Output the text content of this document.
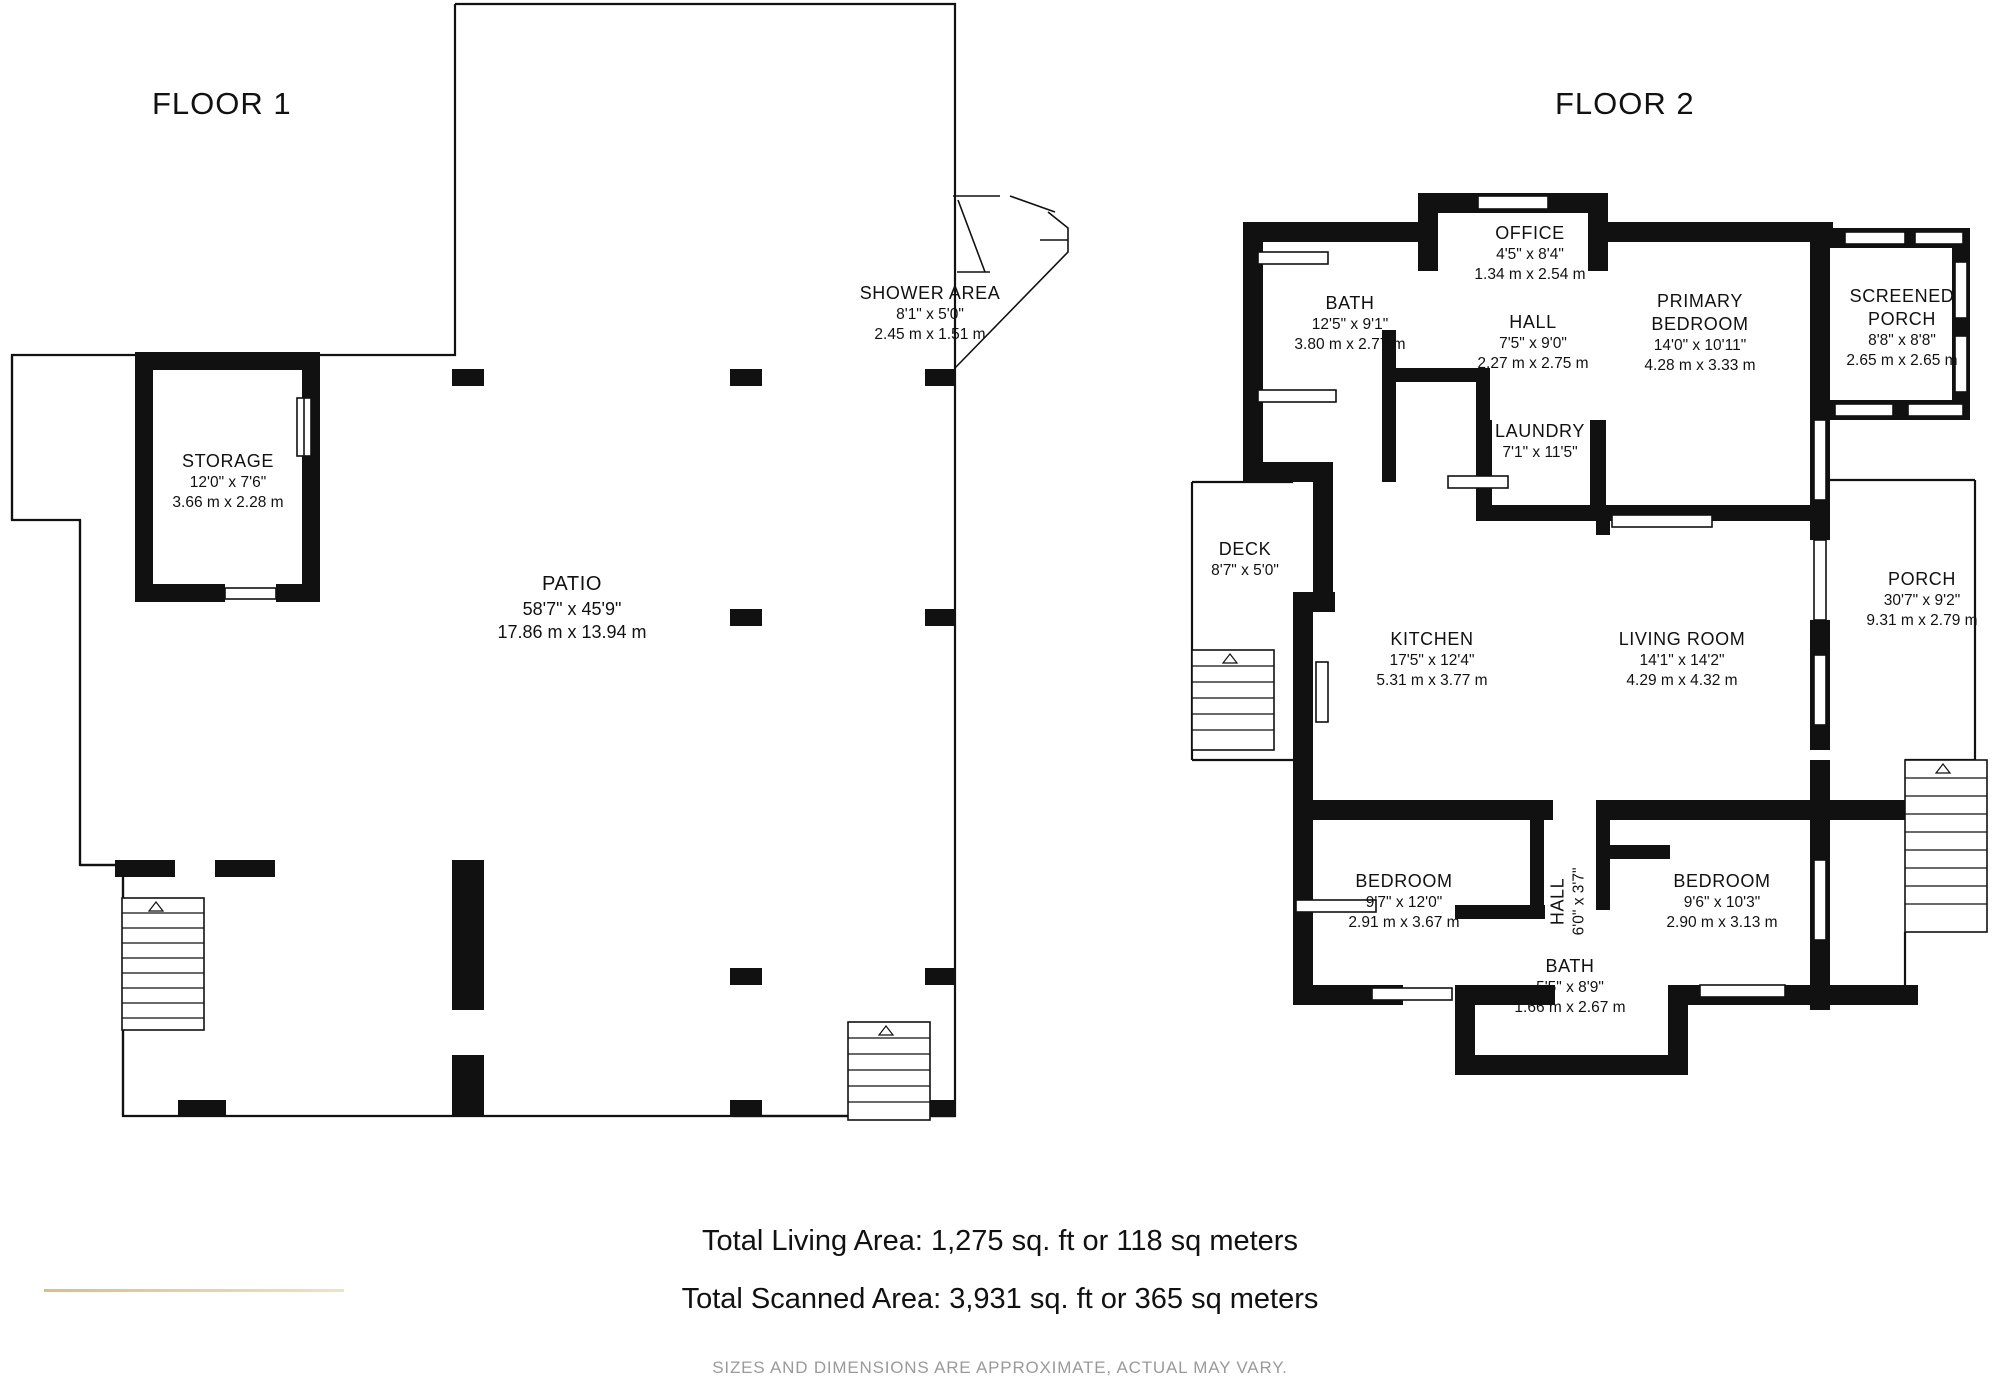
FLOOR 1	FLOOR 2
STORAGE
12'0" x 7'6"
3.66 m x 2.28 m
PATIO
58'7" x 45'9"
17.86 m x 13.94 m
SHOWER AREA
8'1" x 5'0"
2.45 m x 1.51 m
OFFICE
4'5" x 8'4"
1.34 m x 2.54 m
BATH
12'5" x 9'1"
3.80 m x 2.77 m
HALL
7'5" x 9'0"
2.27 m x 2.75 m
PRIMARY
BEDROOM
14'0" x 10'11"
4.28 m x 3.33 m
SCREENED
PORCH
8'8" x 8'8"
2.65 m x 2.65 m
LAUNDRY
7'1" x 11'5"
DECK
8'7" x 5'0"
KITCHEN
17'5" x 12'4"
5.31 m x 3.77 m
LIVING ROOM
14'1" x 14'2"
4.29 m x 4.32 m
PORCH
30'7" x 9'2"
9.31 m x 2.79 m
BEDROOM
9'7" x 12'0"
2.91 m x 3.67 m	HALL 6'0" x 3'7"	BEDROOM
9'6" x 10'3"
2.90 m x 3.13 m
BATH
5'5" x 8'9"
1.66 m x 2.67 m
Total Living Area: 1,275 sq. ft or 118 sq meters
Total Scanned Area: 3,931 sq. ft or 365 sq meters
SIZES AND DIMENSIONS ARE APPROXIMATE, ACTUAL MAY VARY.
